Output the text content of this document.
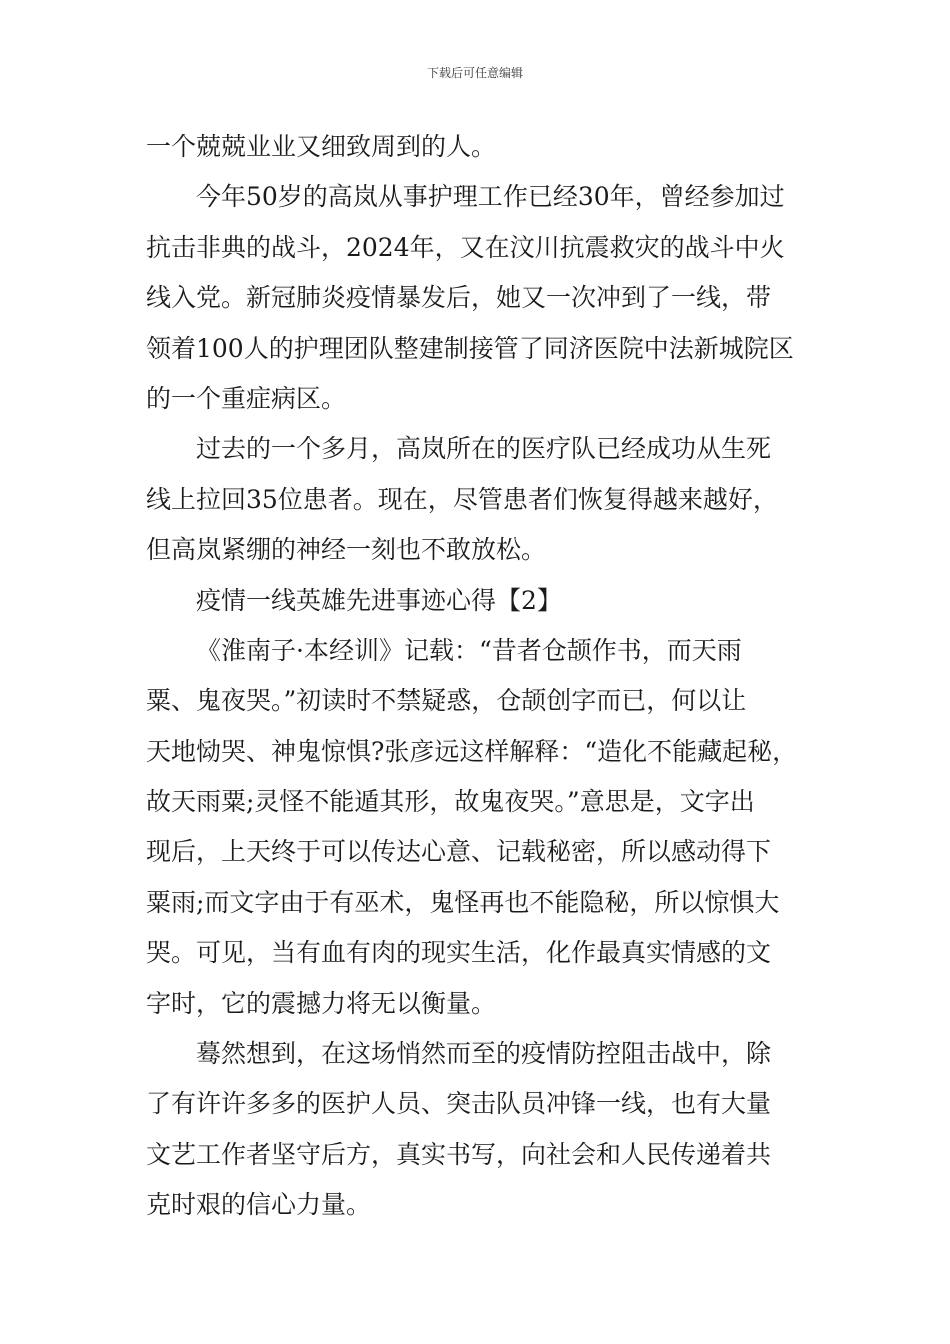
下载后可任意编辑
一个兢兢业业又细致周到的人。
今年50岁的高岚从事护理工作已经30年，曾经参加过
抗击非典的战斗，2024年，又在汶川抗震救灾的战斗中火
线入党。新冠肺炎疫情暴发后，她又一次冲到了一线，带
领着100人的护理团队整建制接管了同济医院中法新城院区
的一个重症病区。
过去的一个多月，高岚所在的医疗队已经成功从生死
线上拉回35位患者。现在，尽管患者们恢复得越来越好，
但高岚紧绷的神经一刻也不敢放松。
疫情一线英雄先进事迹心得【2】
《淮南子·本经训》记载：“昔者仓颉作书，而天雨
粟、鬼夜哭。”初读时不禁疑惑，仓颉创字而已，何以让
天地恸哭、神鬼惊惧?张彦远这样解释：“造化不能藏起秘，
故天雨粟;灵怪不能遁其形，故鬼夜哭。”意思是，文字出
现后，上天终于可以传达心意、记载秘密，所以感动得下
粟雨;而文字由于有巫术，鬼怪再也不能隐秘，所以惊惧大
哭。可见，当有血有肉的现实生活，化作最真实情感的文
字时，它的震撼力将无以衡量。
蓦然想到，在这场悄然而至的疫情防控阻击战中，除
了有许许多多的医护人员、突击队员冲锋一线，也有大量
文艺工作者坚守后方，真实书写，向社会和人民传递着共
克时艰的信心力量。
